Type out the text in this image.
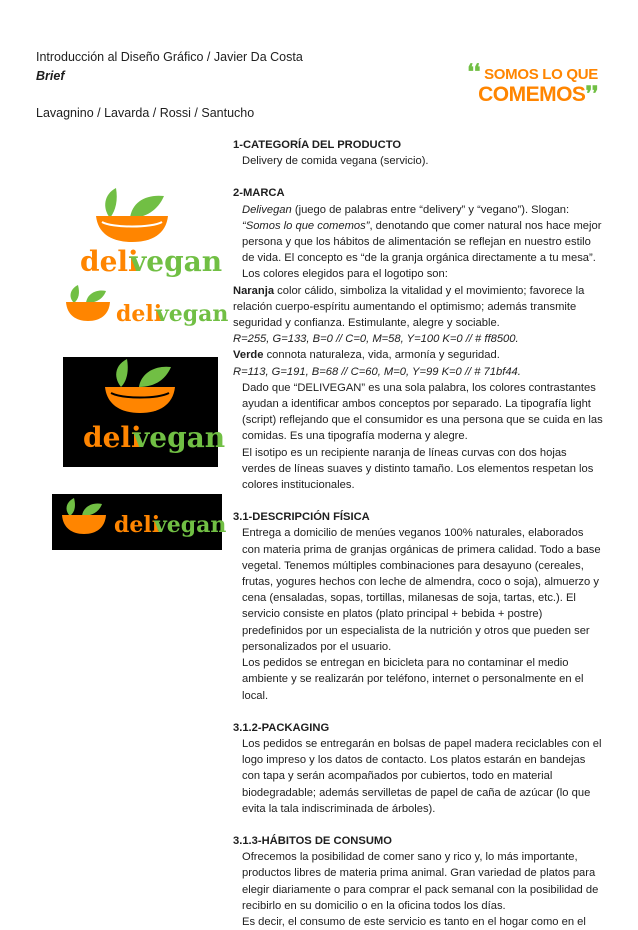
Introducción al Diseño Gráfico / Javier Da Costa
Brief
Lavagnino / Lavarda / Rossi / Santucho
❛❛ SOMOS LO QUE
COMEMOS❜❜
deli
vegan
deli
vegan
deli
vegan
deli
vegan
1-CATEGORÍA DEL PRODUCTO
Delivery de comida vegana (servicio).
2-MARCA
Delivegan (juego de palabras entre “delivery” y “vegano”). Slogan: “Somos lo que comemos”, denotando que comer natural nos hace mejor persona y que los hábitos de alimentación se reflejan en nuestro estilo de vida. El concepto es “de la granja orgánica directamente a tu mesa”.
Los colores elegidos para el logotipo son:
Naranja color cálido, simboliza la vitalidad y el movimiento; favorece la relación cuerpo-espíritu aumentando el optimismo; además transmite seguridad y confianza. Estimulante, alegre y sociable.
R=255, G=133, B=0 // C=0, M=58, Y=100 K=0 // # ff8500.
Verde connota naturaleza, vida, armonía y seguridad.
R=113, G=191, B=68 // C=60, M=0, Y=99 K=0 // # 71bf44.
Dado que “DELIVEGAN” es una sola palabra, los colores contrastantes ayudan a identificar ambos conceptos por separado. La tipografía light (script) reflejando que el consumidor es una persona que se cuida en las comidas. Es una tipografía moderna y alegre.
El isotipo es un recipiente naranja de líneas curvas con dos hojas verdes de líneas suaves y distinto tamaño. Los elementos respetan los colores institucionales.
3.1-DESCRIPCIÓN FÍSICA
Entrega a domicilio de menúes veganos 100% naturales, elaborados con materia prima de granjas orgánicas de primera calidad. Todo a base vegetal. Tenemos múltiples combinaciones para desayuno (cereales, frutas, yogures hechos con leche de almendra, coco o soja), almuerzo y cena (ensaladas, sopas, tortillas, milanesas de soja, tartas, etc.). El servicio consiste en platos (plato principal + bebida + postre) predefinidos por un especialista de la nutrición y otros que pueden ser personalizados por el usuario.
Los pedidos se entregan en bicicleta para no contaminar el medio ambiente y se realizarán por teléfono, internet o personalmente en el local.
3.1.2-PACKAGING
Los pedidos se entregarán en bolsas de papel madera reciclables con el logo impreso y los datos de contacto. Los platos estarán en bandejas con tapa y serán acompañados por cubiertos, todo en material biodegradable; además servilletas de papel de caña de azúcar (lo que evita la tala indiscriminada de árboles).
3.1.3-HÁBITOS DE CONSUMO
Ofrecemos la posibilidad de comer sano y rico y, lo más importante, productos libres de materia prima animal. Gran variedad de platos para elegir diariamente o para comprar el pack semanal con la posibilidad de recibirlo en su domicilio o en la oficina todos los días.
Es decir, el consumo de este servicio es tanto en el hogar como en el
